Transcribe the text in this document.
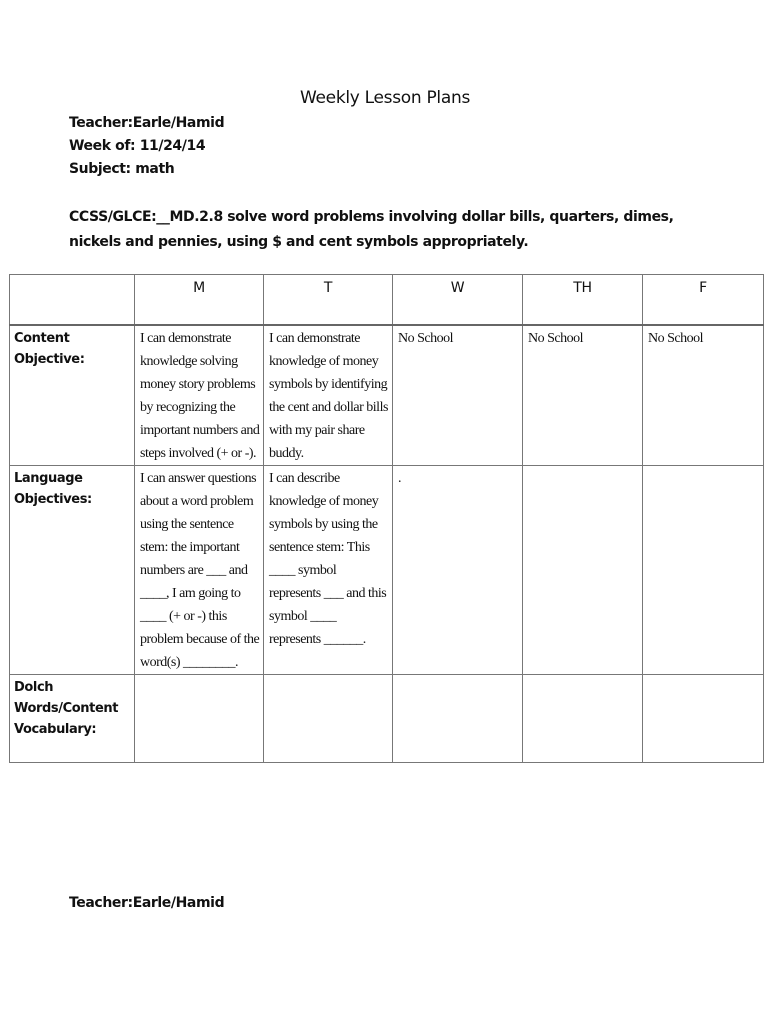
Weekly Lesson Plans
Teacher:Earle/Hamid
Week of: 11/24/14
Subject: math
CCSS/GLCE:__MD.2.8 solve word problems involving dollar bills, quarters, dimes, nickels and pennies, using $ and cent symbols appropriately.
	M	T	W	TH	F
Content Objective:	I can demonstrate knowledge solving money story problems by recognizing the important numbers and steps involved (+ or -).	I can demonstrate knowledge of money symbols by identifying the cent and dollar bills with my pair share buddy.	No School	No School	No School
Language Objectives:	I can answer questions about a word problem using the sentence stem: the important numbers are ___ and ____, I am going to ____ (+ or -) this problem because of the word(s) ________.	I can describe knowledge of money symbols by using the sentence stem: This ____ symbol represents ___ and this symbol ____ represents ______.	.		
Dolch Words/Content Vocabulary:					
Teacher:Earle/Hamid
